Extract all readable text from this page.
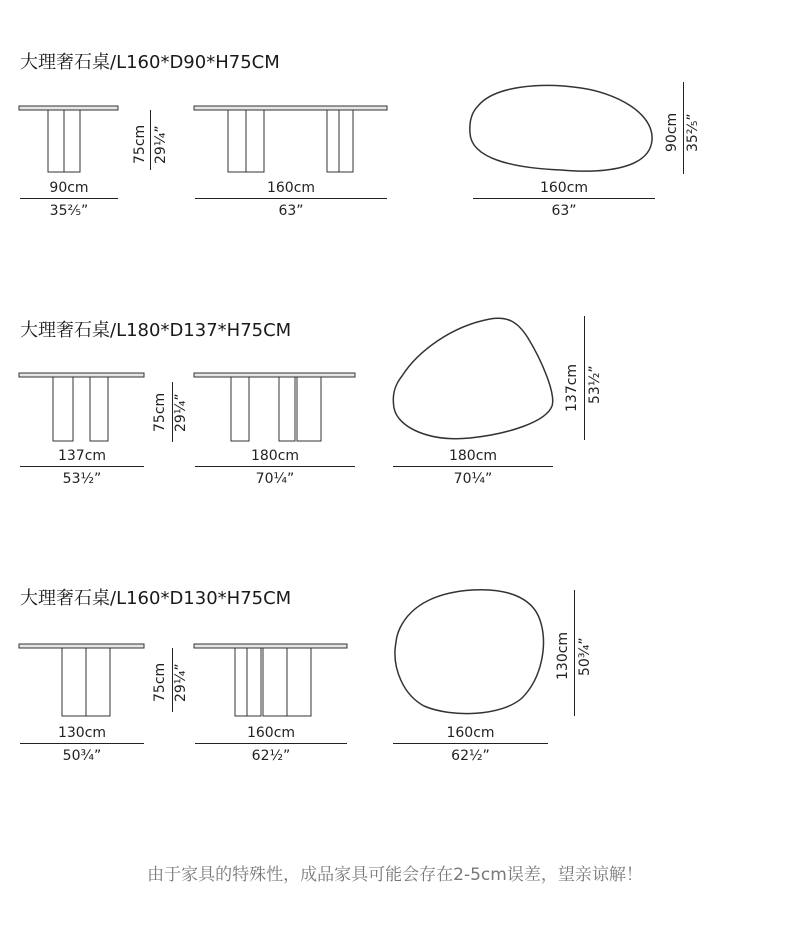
大理奢石桌/L160*D90*H75CM
75cm 29¼”
90cm
35⅖”
160cm
63”
90cm 35⅖”
160cm
63”
大理奢石桌/L180*D137*H75CM
75cm 29¼”
137cm
53½”
180cm
70¼”
137cm 53½”
180cm
70¼”
大理奢石桌/L160*D130*H75CM
75cm 29¼”
130cm
50¾”
160cm
62½”
130cm 50¾”
160cm
62½”
由于家具的特殊性，成品家具可能会存在2-5cm误差，望亲谅解！
